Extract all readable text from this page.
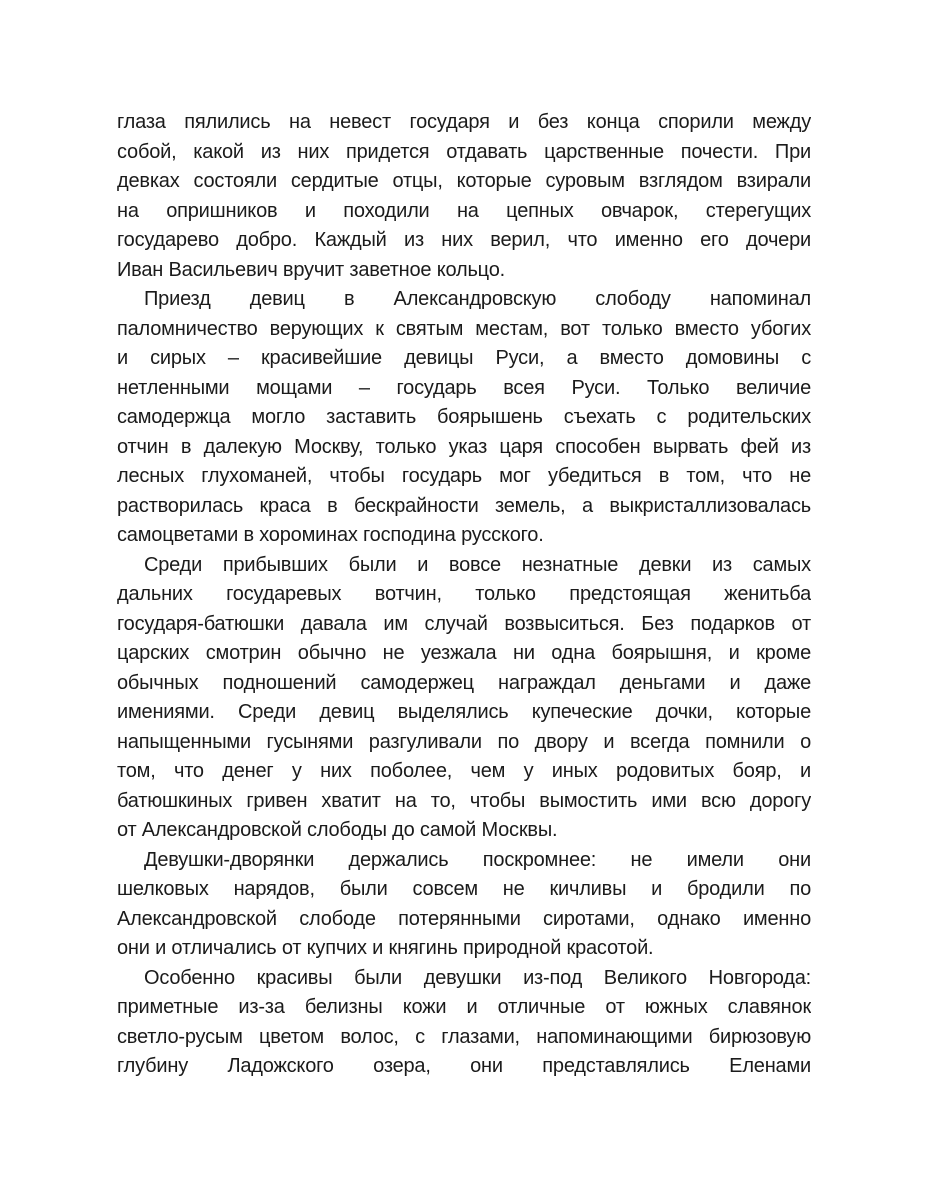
глаза пялились на невест государя и без конца спорили между
собой, какой из них придется отдавать царственные почести. При
девках состояли сердитые отцы, которые суровым взглядом взирали
на опришников и походили на цепных овчарок, стерегущих
государево добро. Каждый из них верил, что именно его дочери
Иван Васильевич вручит заветное кольцо.
Приезд девиц в Александровскую слободу напоминал
паломничество верующих к святым местам, вот только вместо убогих
и сирых – красивейшие девицы Руси, а вместо домовины с
нетленными мощами – государь всея Руси. Только величие
самодержца могло заставить боярышень съехать с родительских
отчин в далекую Москву, только указ царя способен вырвать фей из
лесных глухоманей, чтобы государь мог убедиться в том, что не
растворилась краса в бескрайности земель, а выкристаллизовалась
самоцветами в хороминах господина русского.
Среди прибывших были и вовсе незнатные девки из самых
дальних государевых вотчин, только предстоящая женитьба
государя-батюшки давала им случай возвыситься. Без подарков от
царских смотрин обычно не уезжала ни одна боярышня, и кроме
обычных подношений самодержец награждал деньгами и даже
имениями. Среди девиц выделялись купеческие дочки, которые
напыщенными гусынями разгуливали по двору и всегда помнили о
том, что денег у них поболее, чем у иных родовитых бояр, и
батюшкиных гривен хватит на то, чтобы вымостить ими всю дорогу
от Александровской слободы до самой Москвы.
Девушки-дворянки держались поскромнее: не имели они
шелковых нарядов, были совсем не кичливы и бродили по
Александровской слободе потерянными сиротами, однако именно
они и отличались от купчих и княгинь природной красотой.
Особенно красивы были девушки из-под Великого Новгорода:
приметные из-за белизны кожи и отличные от южных славянок
светло-русым цветом волос, с глазами, напоминающими бирюзовую
глубину Ладожского озера, они представлялись Еленами
